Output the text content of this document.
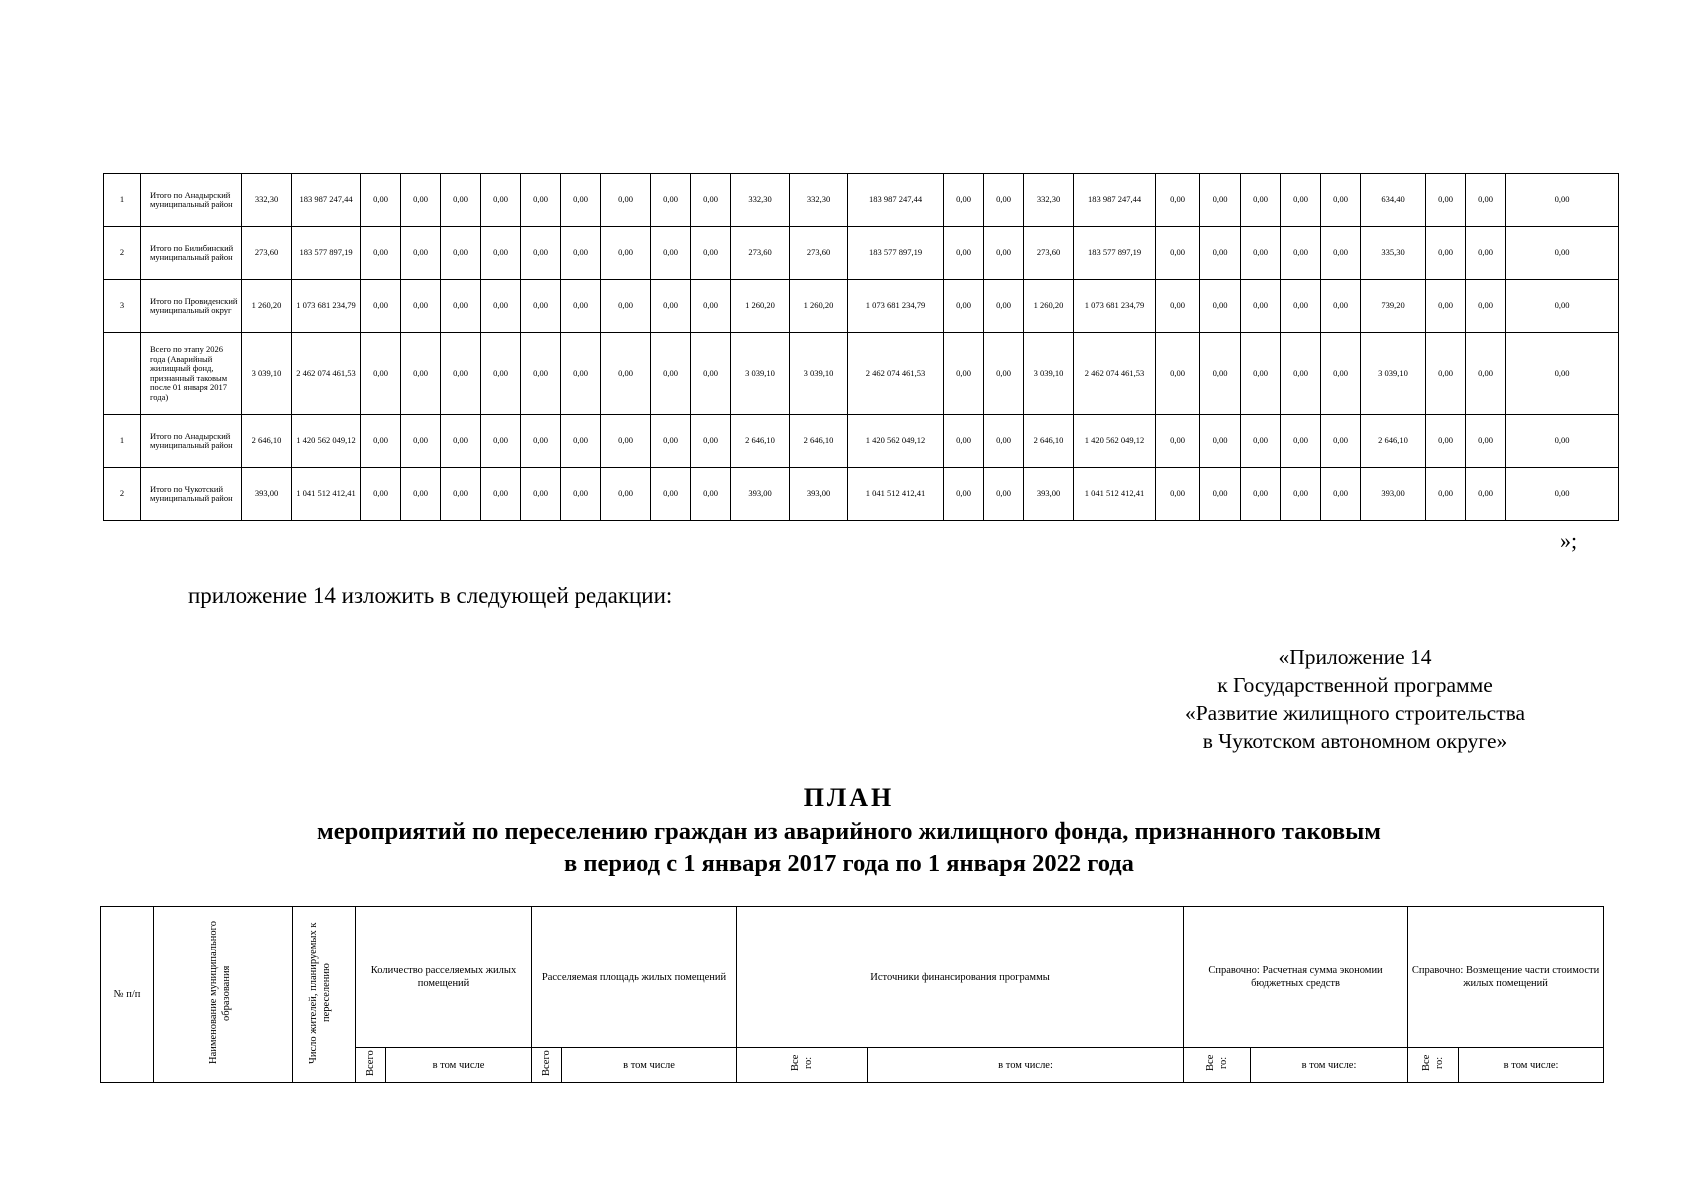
1	Итого по Анадырский муниципальный район	332,30	183 987 247,44	0,00	0,00	0,00	0,00	0,00	0,00	0,00	0,00	0,00	332,30	332,30	183 987 247,44	0,00	0,00	332,30	183 987 247,44	0,00	0,00	0,00	0,00	0,00	634,40	0,00	0,00	0,00
2	Итого по Билибинский муниципальный район	273,60	183 577 897,19	0,00	0,00	0,00	0,00	0,00	0,00	0,00	0,00	0,00	273,60	273,60	183 577 897,19	0,00	0,00	273,60	183 577 897,19	0,00	0,00	0,00	0,00	0,00	335,30	0,00	0,00	0,00
3	Итого по Провиденский муниципальный округ	1 260,20	1 073 681 234,79	0,00	0,00	0,00	0,00	0,00	0,00	0,00	0,00	0,00	1 260,20	1 260,20	1 073 681 234,79	0,00	0,00	1 260,20	1 073 681 234,79	0,00	0,00	0,00	0,00	0,00	739,20	0,00	0,00	0,00
	Всего по этапу 2026 года (Аварийный жилищный фонд, признанный таковым после 01 января 2017 года)	3 039,10	2 462 074 461,53	0,00	0,00	0,00	0,00	0,00	0,00	0,00	0,00	0,00	3 039,10	3 039,10	2 462 074 461,53	0,00	0,00	3 039,10	2 462 074 461,53	0,00	0,00	0,00	0,00	0,00	3 039,10	0,00	0,00	0,00
1	Итого по Анадырский муниципальный район	2 646,10	1 420 562 049,12	0,00	0,00	0,00	0,00	0,00	0,00	0,00	0,00	0,00	2 646,10	2 646,10	1 420 562 049,12	0,00	0,00	2 646,10	1 420 562 049,12	0,00	0,00	0,00	0,00	0,00	2 646,10	0,00	0,00	0,00
2	Итого по Чукотский муниципальный район	393,00	1 041 512 412,41	0,00	0,00	0,00	0,00	0,00	0,00	0,00	0,00	0,00	393,00	393,00	1 041 512 412,41	0,00	0,00	393,00	1 041 512 412,41	0,00	0,00	0,00	0,00	0,00	393,00	0,00	0,00	0,00
»;
приложение 14 изложить в следующей редакции:
«Приложение 14
к Государственной программе
«Развитие жилищного строительства
в Чукотском автономном округе»
ПЛАН
мероприятий по переселению граждан из аварийного жилищного фонда, признанного таковым
в период с 1 января 2017 года по 1 января 2022 года
№ п/п	Наименование муниципального образования	Число жителей, планируемых к переселению	Количество расселяемых жилых помещений		Расселяемая площадь жилых помещений		Источники финансирования программы		Справочно: Расчетная сумма экономии бюджетных средств		Справочно: Возмещение части стоимости жилых помещений	
			Всего	в том числе	Всего	в том числе	Все го:	в том числе:	Все го:	в том числе:	Все го:	в том числе:
